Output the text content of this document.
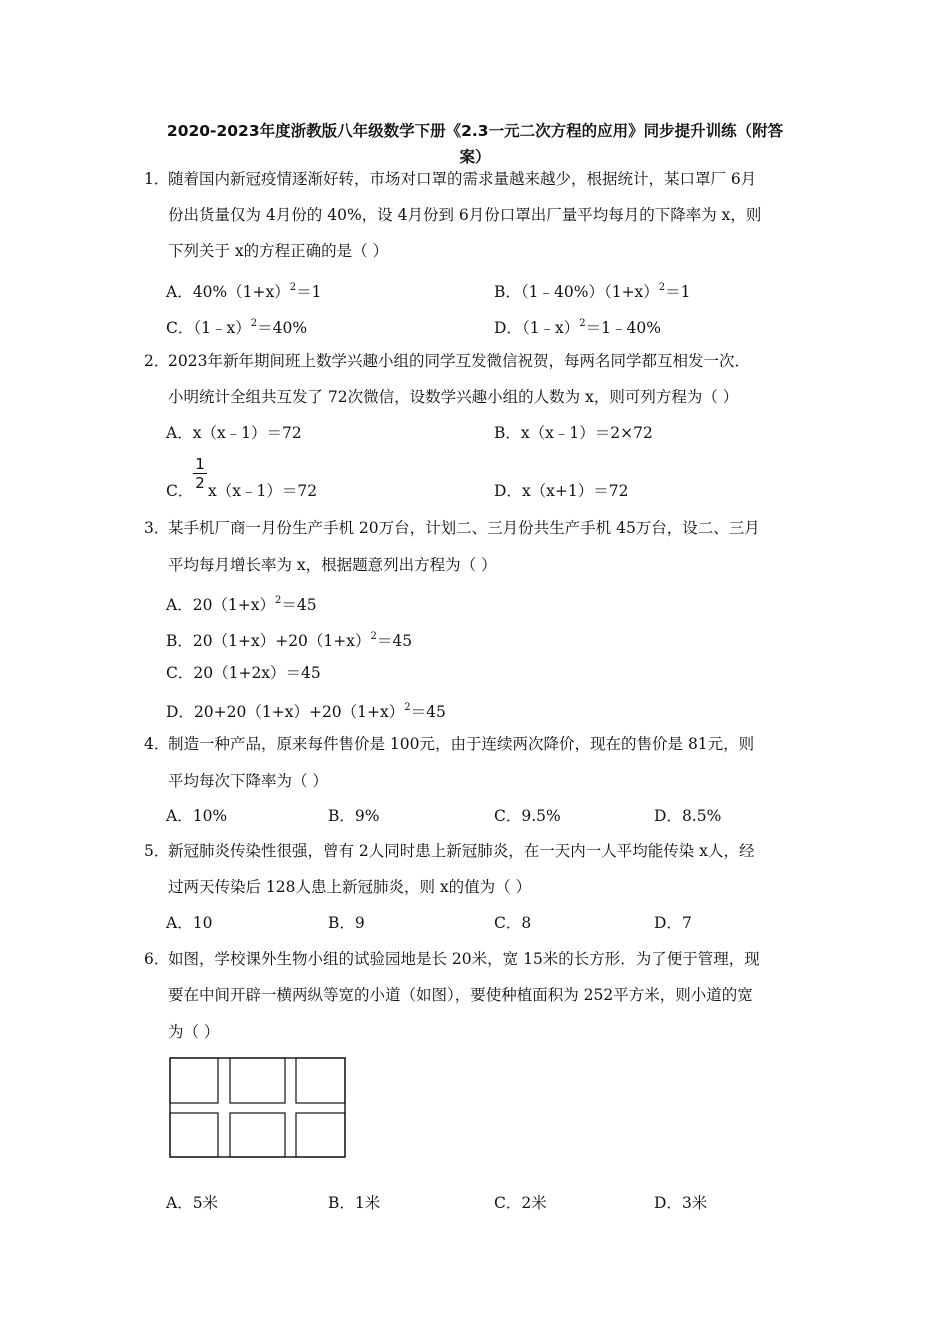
2020-2023年度浙教版八年级数学下册《2.3一元二次方程的应用》同步提升训练（附答
案）
1．
随着国内新冠疫情逐渐好转，市场对口罩的需求量越来越少，根据统计，某口罩厂 6月
份出货量仅为 4月份的 40%，设 4月份到 6月份口罩出厂量平均每月的下降率为 x，则
下列关于 x的方程正确的是（ ）
A．$40\%(1+x)^2=1$	B．$(1﹣40\%)(1+x)^2=1$
C．（1﹣x）$^2$＝40%	D．（1﹣x）$^2$＝1﹣40%
2．
2023年新年期间班上数学兴趣小组的同学互发微信祝贺，每两名同学都互相发一次．
小明统计全组共互发了 72次微信，设数学兴趣小组的人数为 x，则可列方程为（ ）
A．x（x﹣1）＝72	B．x（x﹣1）＝2×72
C．
1
2 x（x﹣1）＝72	D．x（x+1）＝72
3．
某手机厂商一月份生产手机 20万台，计划二、三月份共生产手机 45万台，设二、三月
平均每月增长率为 x，根据题意列出方程为（ ）
A．$20(1+x)^2=45$
B．$20(1+x)+20(1+x)^2=45$
C．20（1+2x）＝45
D．$20+20(1+x)+20(1+x)^2=45$
4．
制造一种产品，原来每件售价是 100元，由于连续两次降价，现在的售价是 81元，则
平均每次下降率为（ ）
A．10%	B．9%	C．9.5%	D．8.5%
5．
新冠肺炎传染性很强，曾有 2人同时患上新冠肺炎，在一天内一人平均能传染 x人，经
过两天传染后 128人患上新冠肺炎，则 x的值为（ ）
A．10	B．9	C．8	D．7
6．
如图，学校课外生物小组的试验园地是长 20米，宽 15米的长方形．为了便于管理，现
要在中间开辟一横两纵等宽的小道（如图），要使种植面积为 252平方米，则小道的宽
为（ ）
A．5米	B．1米	C．2米	D．3米
